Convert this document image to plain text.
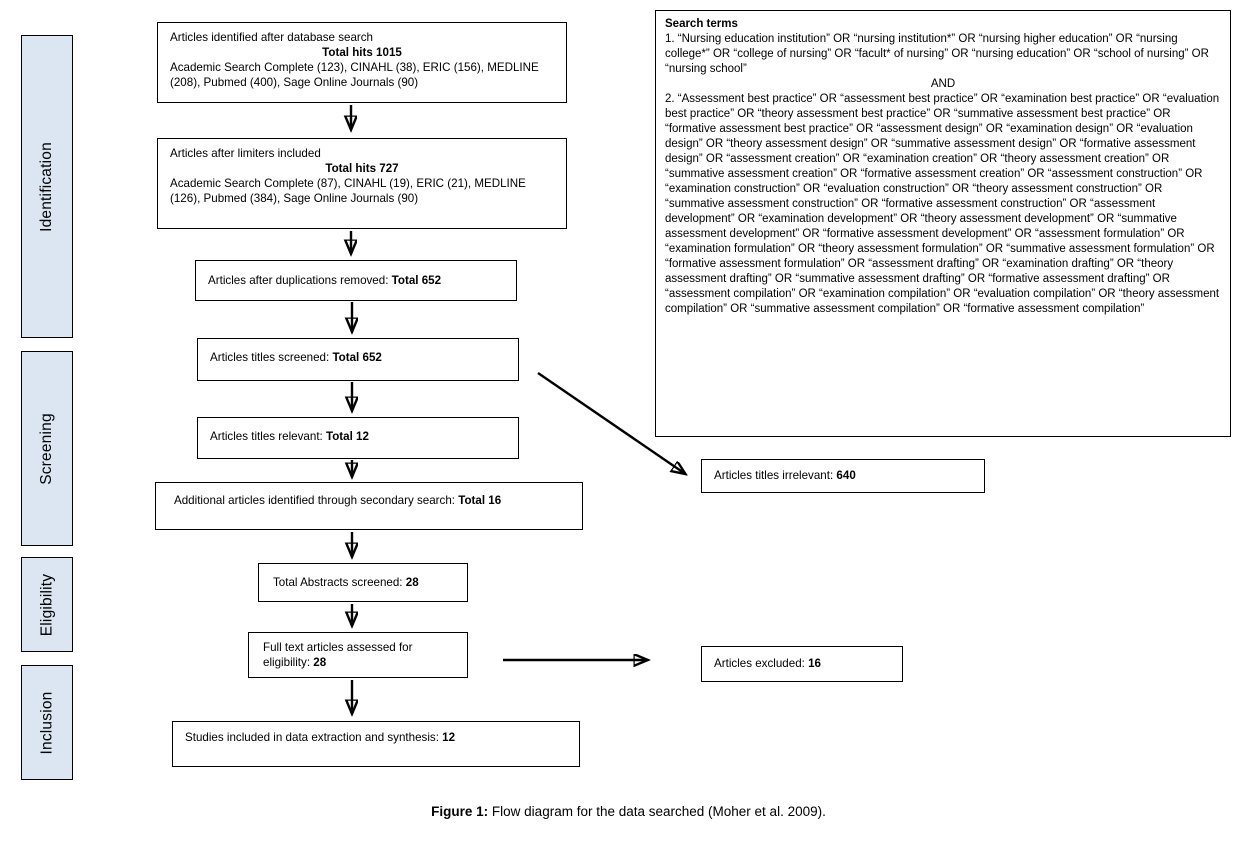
Identification
Screening
Eligibility
Inclusion
Search terms
1. “Nursing education institution” OR “nursing institution*” OR “nursing higher education” OR “nursing college*” OR “college of nursing” OR “facult* of nursing” OR “nursing education” OR “school of nursing” OR “nursing school”
AND
2. “Assessment best practice” OR “assessment best practice” OR “examination best practice” OR “evaluation best practice” OR “theory assessment best practice” OR “summative assessment best practice” OR “formative assessment best practice” OR “assessment design” OR “examination design” OR “evaluation design” OR “theory assessment design” OR “summative assessment design” OR “formative assessment design” OR “assessment creation” OR “examination creation” OR “theory assessment creation” OR “summative assessment creation” OR “formative assessment creation” OR “assessment construction” OR “examination construction” OR “evaluation construction” OR “theory assessment construction” OR “summative assessment construction” OR “formative assessment construction” OR “assessment development” OR “examination development” OR “theory assessment development” OR “summative assessment development” OR “formative assessment development” OR “assessment formulation” OR “examination formulation” OR “theory assessment formulation” OR “summative assessment formulation” OR “formative assessment formulation” OR “assessment drafting” OR “examination drafting” OR “theory assessment drafting” OR “summative assessment drafting” OR “formative assessment drafting” OR “assessment compilation” OR “examination compilation” OR “evaluation compilation” OR “theory assessment compilation” OR “summative assessment compilation” OR “formative assessment compilation”
Articles identified after database search
Total hits 1015
Academic Search Complete (123), CINAHL (38), ERIC (156), MEDLINE (208), Pubmed (400), Sage Online Journals (90)
Articles after limiters included
Total hits 727
Academic Search Complete (87), CINAHL (19), ERIC (21), MEDLINE (126), Pubmed (384), Sage Online Journals (90)
Articles after duplications removed: Total 652
Articles titles screened: Total 652
Articles titles relevant: Total 12
Additional articles identified through secondary search: Total 16
Total Abstracts screened: 28
Full text articles assessed for eligibility: 28
Studies included in data extraction and synthesis: 12
Articles titles irrelevant: 640
Articles excluded: 16
Figure 1: Flow diagram for the data searched (Moher et al. 2009).
